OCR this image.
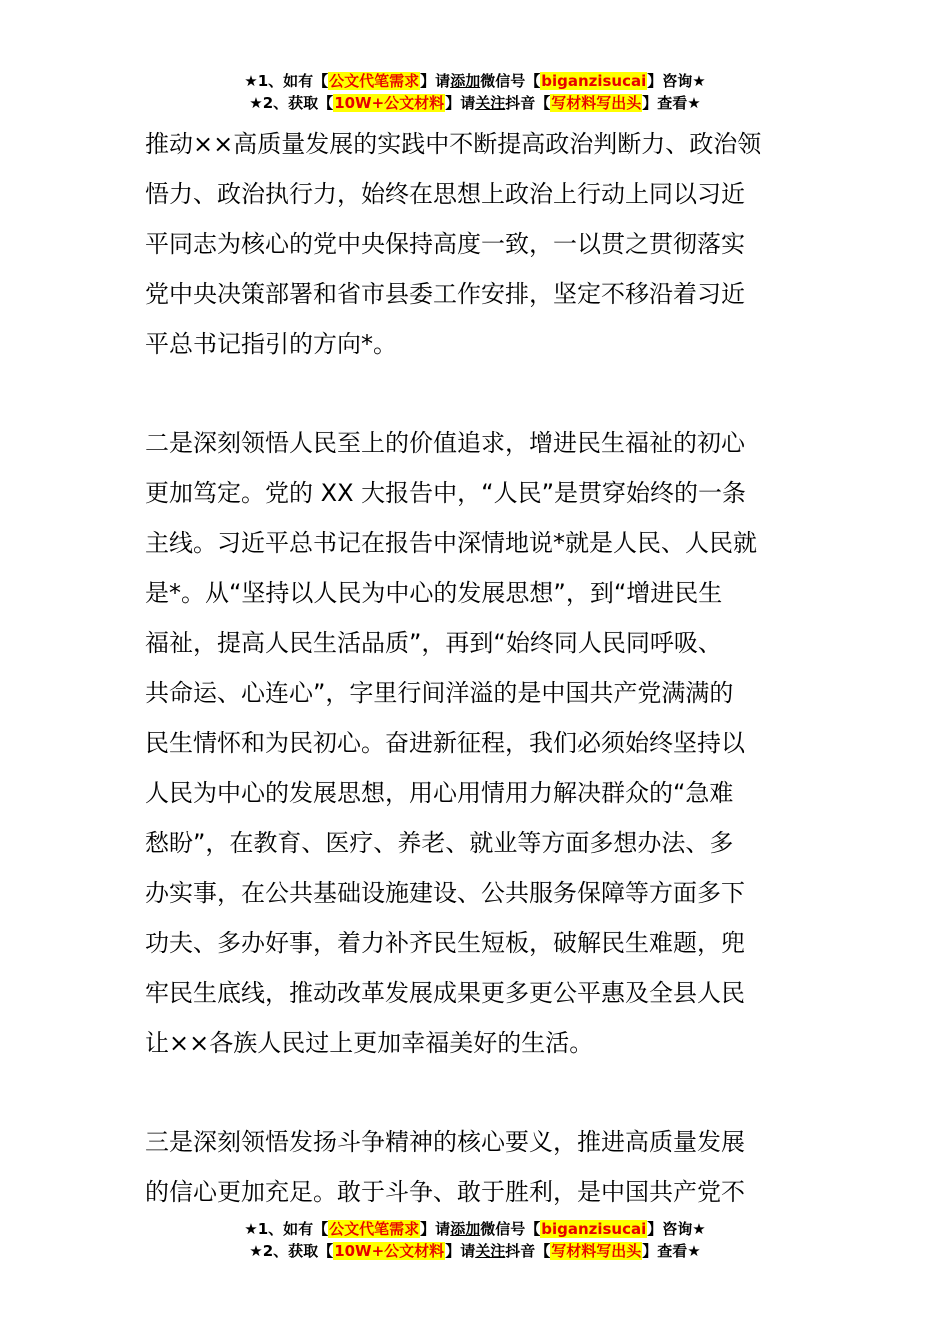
★1、如有【公文代笔需求】请添加微信号【biganzisucai】咨询★
★2、获取【10W+公文材料】请关注抖音【写材料写出头】查看★
推动××高质量发展的实践中不断提高政治判断力、政治领
悟力、政治执行力，始终在思想上政治上行动上同以习近
平同志为核心的党中央保持高度一致，一以贯之贯彻落实
党中央决策部署和省市县委工作安排，坚定不移沿着习近
平总书记指引的方向*。
二是深刻领悟人民至上的价值追求，增进民生福祉的初心
更加笃定。党的 XX 大报告中，“人民”是贯穿始终的一条
主线。习近平总书记在报告中深情地说*就是人民、人民就
是*。从“坚持以人民为中心的发展思想”，到“增进民生
福祉，提高人民生活品质”，再到“始终同人民同呼吸、
共命运、心连心”，字里行间洋溢的是中国共产党满满的
民生情怀和为民初心。奋进新征程，我们必须始终坚持以
人民为中心的发展思想，用心用情用力解决群众的“急难
愁盼”，在教育、医疗、养老、就业等方面多想办法、多
办实事，在公共基础设施建设、公共服务保障等方面多下
功夫、多办好事，着力补齐民生短板，破解民生难题，兜
牢民生底线，推动改革发展成果更多更公平惠及全县人民
让××各族人民过上更加幸福美好的生活。
三是深刻领悟发扬斗争精神的核心要义，推进高质量发展
的信心更加充足。敢于斗争、敢于胜利，是中国共产党不
★1、如有【公文代笔需求】请添加微信号【biganzisucai】咨询★
★2、获取【10W+公文材料】请关注抖音【写材料写出头】查看★
